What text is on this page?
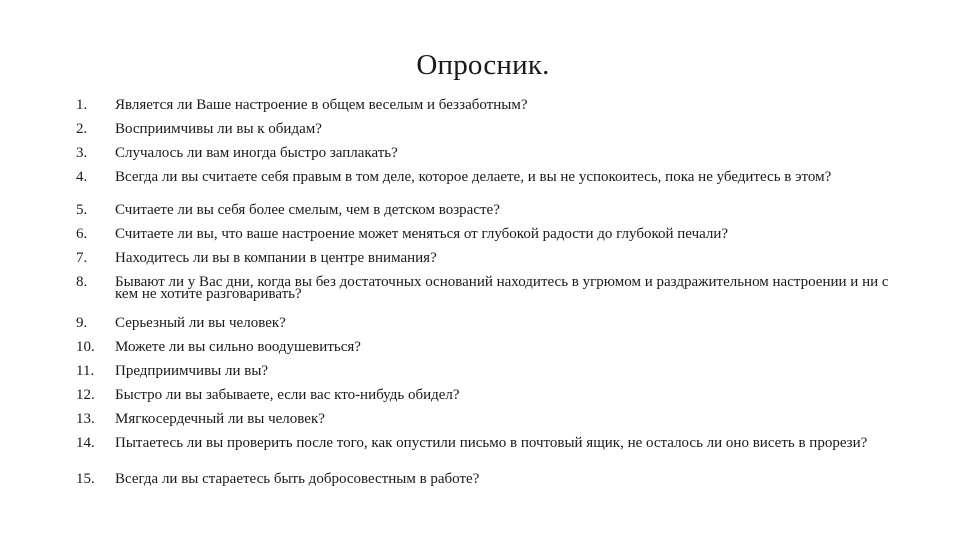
Опросник.
1.	Является ли Ваше настроение в общем веселым и беззаботным?
2.	Восприимчивы ли вы к обидам?
3.	Случалось ли вам иногда быстро заплакать?
4.	Всегда ли вы считаете себя правым в том деле, которое делаете, и вы не успокоитесь, пока не убедитесь в этом?
5.	Считаете ли вы себя более смелым, чем в детском возрасте?
6.	Считаете ли вы, что ваше настроение может меняться от глубокой радости до глубокой печали?
7.	Находитесь ли вы в компании в центре внимания?
8.	Бывают ли у Вас дни, когда вы без достаточных оснований находитесь в угрюмом и раздражительном настроении и ни с кем не хотите разговаривать?
9.	Серьезный ли вы человек?
10.	Можете ли вы сильно воодушевиться?
11.	Предприимчивы ли вы?
12.	Быстро ли вы забываете, если вас кто-нибудь обидел?
13.	Мягкосердечный ли вы человек?
14.	Пытаетесь ли вы проверить после того, как опустили письмо в почтовый ящик, не осталось ли оно висеть в прорези?
15.	Всегда ли вы стараетесь быть добросовестным в работе?
